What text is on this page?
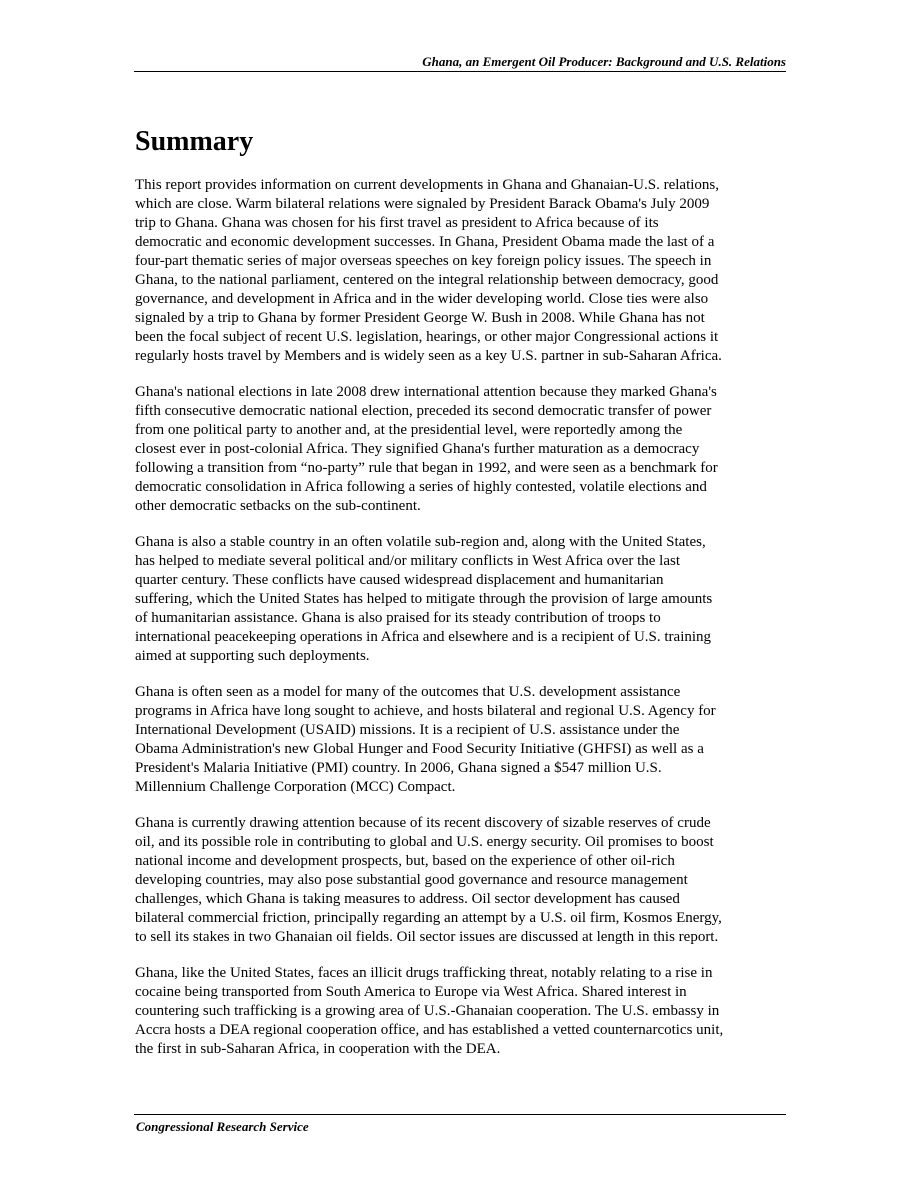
Ghana, an Emergent Oil Producer: Background and U.S. Relations
Summary

This report provides information on current developments in Ghana and Ghanaian-U.S. relations,
which are close. Warm bilateral relations were signaled by President Barack Obama's July 2009
trip to Ghana. Ghana was chosen for his first travel as president to Africa because of its
democratic and economic development successes. In Ghana, President Obama made the last of a
four-part thematic series of major overseas speeches on key foreign policy issues. The speech in
Ghana, to the national parliament, centered on the integral relationship between democracy, good
governance, and development in Africa and in the wider developing world. Close ties were also
signaled by a trip to Ghana by former President George W. Bush in 2008. While Ghana has not
been the focal subject of recent U.S. legislation, hearings, or other major Congressional actions it
regularly hosts travel by Members and is widely seen as a key U.S. partner in sub-Saharan Africa.

Ghana's national elections in late 2008 drew international attention because they marked Ghana's
fifth consecutive democratic national election, preceded its second democratic transfer of power
from one political party to another and, at the presidential level, were reportedly among the
closest ever in post-colonial Africa. They signified Ghana's further maturation as a democracy
following a transition from “no-party” rule that began in 1992, and were seen as a benchmark for
democratic consolidation in Africa following a series of highly contested, volatile elections and
other democratic setbacks on the sub-continent.

Ghana is also a stable country in an often volatile sub-region and, along with the United States,
has helped to mediate several political and/or military conflicts in West Africa over the last
quarter century. These conflicts have caused widespread displacement and humanitarian
suffering, which the United States has helped to mitigate through the provision of large amounts
of humanitarian assistance. Ghana is also praised for its steady contribution of troops to
international peacekeeping operations in Africa and elsewhere and is a recipient of U.S. training
aimed at supporting such deployments.

Ghana is often seen as a model for many of the outcomes that U.S. development assistance
programs in Africa have long sought to achieve, and hosts bilateral and regional U.S. Agency for
International Development (USAID) missions. It is a recipient of U.S. assistance under the
Obama Administration's new Global Hunger and Food Security Initiative (GHFSI) as well as a
President's Malaria Initiative (PMI) country. In 2006, Ghana signed a $547 million U.S.
Millennium Challenge Corporation (MCC) Compact.

Ghana is currently drawing attention because of its recent discovery of sizable reserves of crude
oil, and its possible role in contributing to global and U.S. energy security. Oil promises to boost
national income and development prospects, but, based on the experience of other oil-rich
developing countries, may also pose substantial good governance and resource management
challenges, which Ghana is taking measures to address. Oil sector development has caused
bilateral commercial friction, principally regarding an attempt by a U.S. oil firm, Kosmos Energy,
to sell its stakes in two Ghanaian oil fields. Oil sector issues are discussed at length in this report.

Ghana, like the United States, faces an illicit drugs trafficking threat, notably relating to a rise in
cocaine being transported from South America to Europe via West Africa. Shared interest in
countering such trafficking is a growing area of U.S.-Ghanaian cooperation. The U.S. embassy in
Accra hosts a DEA regional cooperation office, and has established a vetted counternarcotics unit,
the first in sub-Saharan Africa, in cooperation with the DEA.

Congressional Research Service
